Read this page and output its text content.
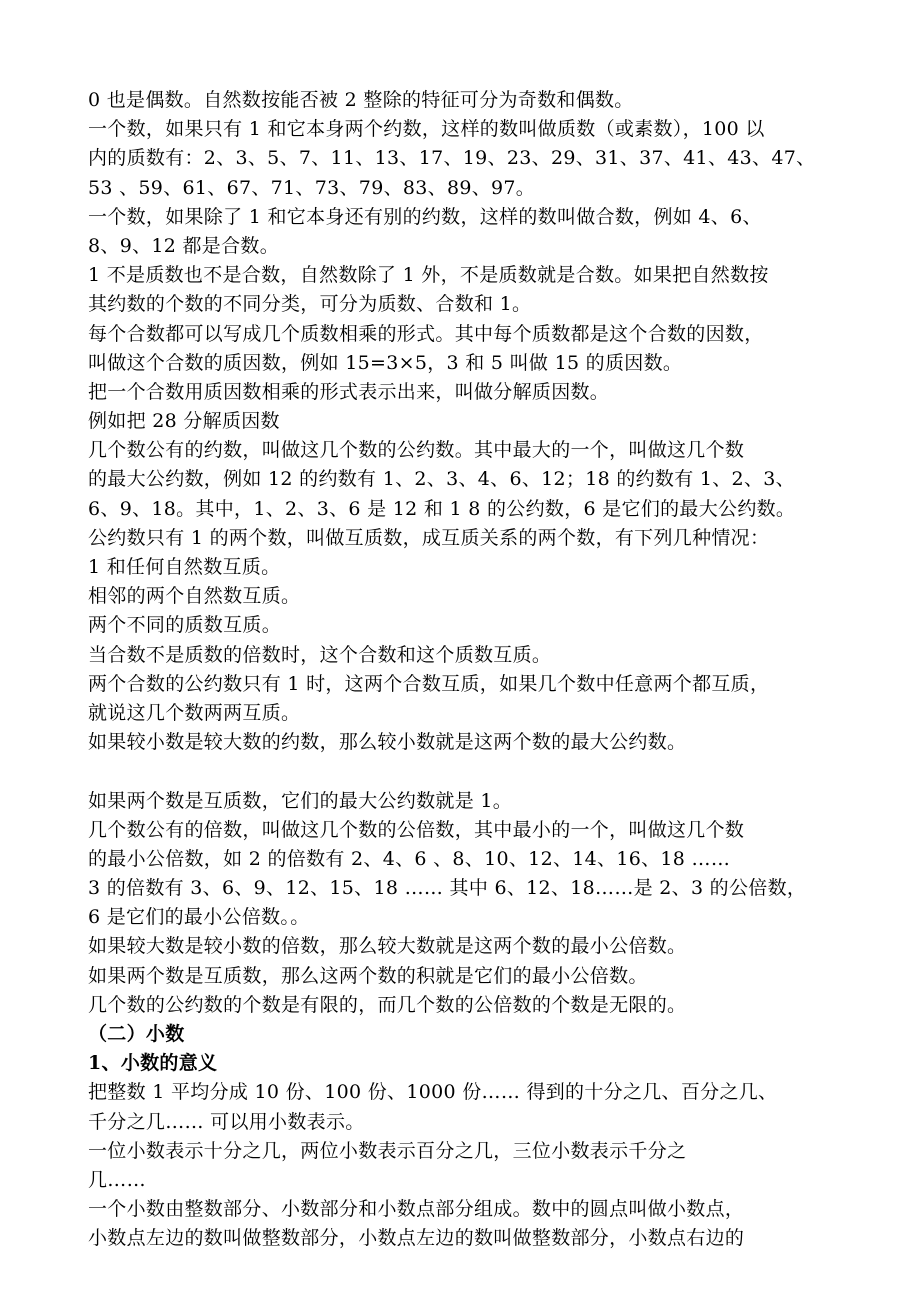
0 也是偶数。自然数按能否被 2 整除的特征可分为奇数和偶数。
一个数，如果只有 1 和它本身两个约数，这样的数叫做质数（或素数），100 以
内的质数有：2、3、5、7、11、13、17、19、23、29、31、37、41、43、47、
53 、59、61、67、71、73、79、83、89、97。
一个数，如果除了 1 和它本身还有别的约数，这样的数叫做合数，例如 4、6、
8、9、12 都是合数。
1 不是质数也不是合数，自然数除了 1 外，不是质数就是合数。如果把自然数按
其约数的个数的不同分类，可分为质数、合数和 1。
每个合数都可以写成几个质数相乘的形式。其中每个质数都是这个合数的因数，
叫做这个合数的质因数，例如 15=3×5，3 和 5 叫做 15 的质因数。
把一个合数用质因数相乘的形式表示出来，叫做分解质因数。
例如把 28 分解质因数
几个数公有的约数，叫做这几个数的公约数。其中最大的一个，叫做这几个数
的最大公约数，例如 12 的约数有 1、2、3、4、6、12；18 的约数有 1、2、3、
6、9、18。其中，1、2、3、6 是 12 和 1 8 的公约数，6 是它们的最大公约数。
公约数只有 1 的两个数，叫做互质数，成互质关系的两个数，有下列几种情况：
1 和任何自然数互质。
相邻的两个自然数互质。
两个不同的质数互质。
当合数不是质数的倍数时，这个合数和这个质数互质。
两个合数的公约数只有 1 时，这两个合数互质，如果几个数中任意两个都互质，
就说这几个数两两互质。
如果较小数是较大数的约数，那么较小数就是这两个数的最大公约数。
如果两个数是互质数，它们的最大公约数就是 1。
几个数公有的倍数，叫做这几个数的公倍数，其中最小的一个，叫做这几个数
的最小公倍数，如 2 的倍数有 2、4、6 、8、10、12、14、16、18 ……
3 的倍数有 3、6、9、12、15、18 …… 其中 6、12、18……是 2、3 的公倍数，
6 是它们的最小公倍数。。
如果较大数是较小数的倍数，那么较大数就是这两个数的最小公倍数。
如果两个数是互质数，那么这两个数的积就是它们的最小公倍数。
几个数的公约数的个数是有限的，而几个数的公倍数的个数是无限的。
（二）小数
1、小数的意义
把整数 1 平均分成 10 份、100 份、1000 份…… 得到的十分之几、百分之几、
千分之几…… 可以用小数表示。
一位小数表示十分之几，两位小数表示百分之几，三位小数表示千分之
几……
一个小数由整数部分、小数部分和小数点部分组成。数中的圆点叫做小数点，
小数点左边的数叫做整数部分，小数点左边的数叫做整数部分，小数点右边的
